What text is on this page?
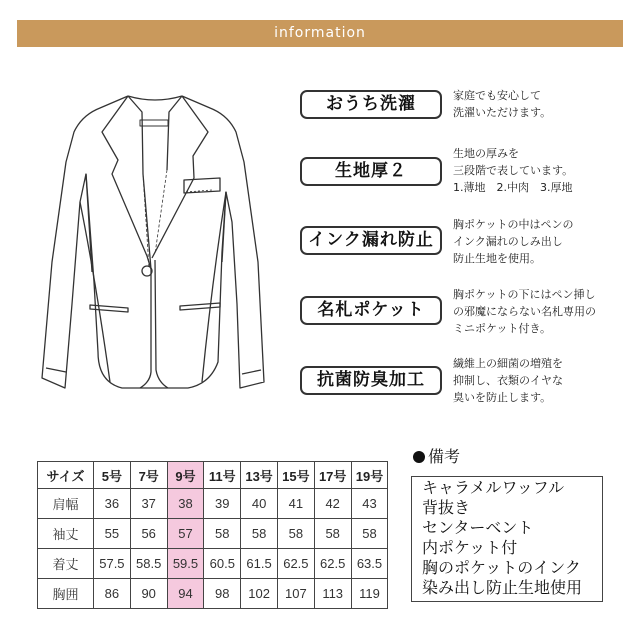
information
おうち洗濯	家庭でも安心して
洗濯いただけます。
生地厚２
生地の厚みを
三段階で表しています。
1.薄地　2.中肉　3.厚地
インク漏れ防止
胸ポケットの中はペンの
インク漏れのしみ出し
防止生地を使用。
名札ポケット
胸ポケットの下にはペン挿し
の邪魔にならない名札専用の
ミニポケット付き。
抗菌防臭加工
繊維上の細菌の増殖を
抑制し、衣類のイヤな
臭いを防止します。
サイズ	5号	7号	9号	11号	13号	15号	17号	19号
肩幅	36	37	38	39	40	41	42	43
袖丈	55	56	57	58	58	58	58	58
着丈	57.5	58.5	59.5	60.5	61.5	62.5	62.5	63.5
胸囲	86	90	94	98	102	107	113	119
備考
キャラメルワッフル
背抜き
センターベント
内ポケット付
胸のポケットのインク
染み出し防止生地使用
